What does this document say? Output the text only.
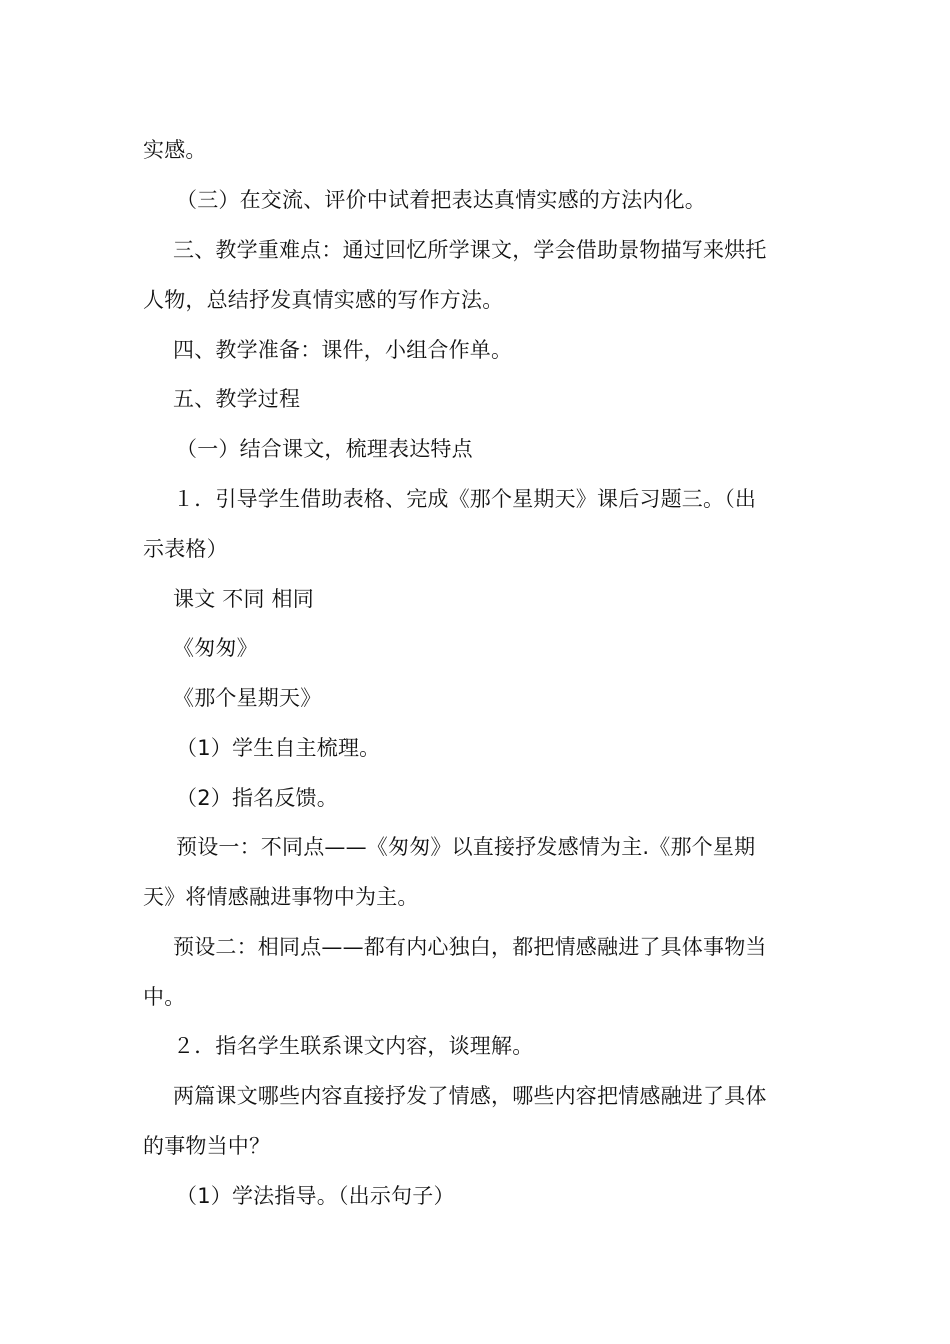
实感。
（三）在交流、评价中试着把表达真情实感的方法内化。
三、教学重难点：通过回忆所学课文，学会借助景物描写来烘托
人物，总结抒发真情实感的写作方法。
四、教学准备：课件，小组合作单。
五、教学过程
（一）结合课文，梳理表达特点
１．引导学生借助表格、完成《那个星期天》课后习题三。（出
示表格）
课文 不同 相同
《匆匆》
《那个星期天》
（1）学生自主梳理。
（2）指名反馈。
预设一：不同点——《匆匆》以直接抒发感情为主.《那个星期
天》将情感融进事物中为主。
预设二：相同点——都有内心独白，都把情感融进了具体事物当
中。
２．指名学生联系课文内容，谈理解。
两篇课文哪些内容直接抒发了情感，哪些内容把情感融进了具体
的事物当中？
（1）学法指导。（出示句子）
